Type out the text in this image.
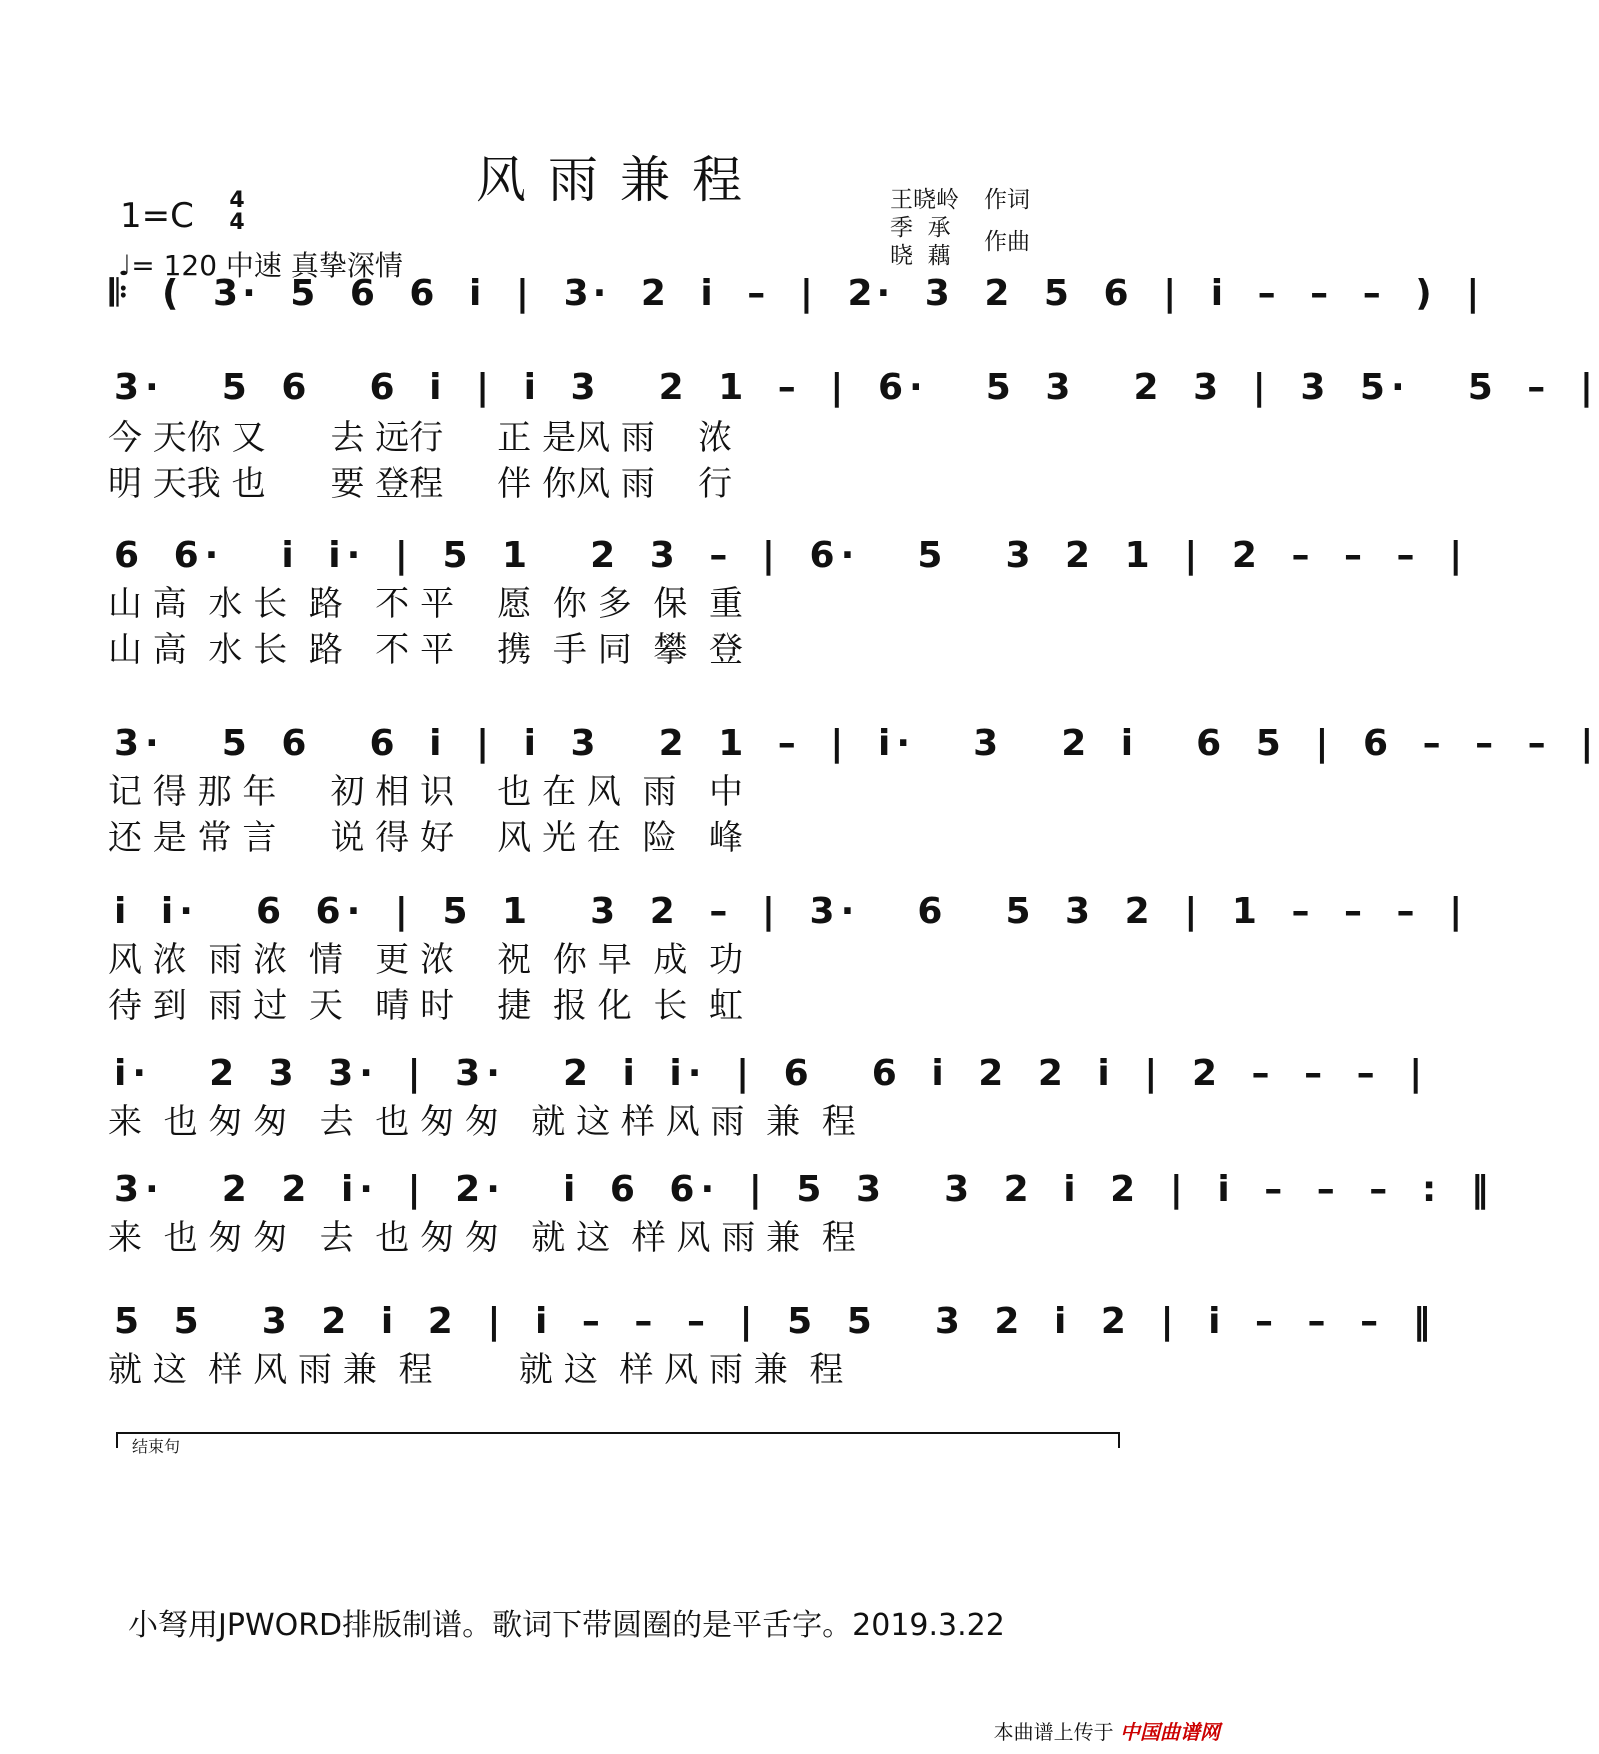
风雨兼程
1=C	4
4
♩= 120 中速 真挚深情
王晓岭 作词
季  承
晓  藕
作曲
𝄆 ( 3· 5 6 6 i | 3· 2 i – | 2· 3 2 5 6 | i – – – ) |
3·  5 6  6 i | i 3  2 1 – | 6·  5 3  2 3 | 3 5·  5 – |
今 天你 又      去 远行     正 是风 雨    浓
明 天我 也      要 登程     伴 你风 雨    行
6 6·  i i· | 5 1  2 3 – | 6·  5  3 2 1 | 2 – – – |
山 高  水 长  路   不 平    愿  你 多  保  重
山 高  水 长  路   不 平    携  手 同  攀  登
3·  5 6  6 i | i 3  2 1 – | i·  3  2 i  6 5 | 6 – – – |
记 得 那 年     初 相 识    也 在 风  雨   中
还 是 常 言     说 得 好    风 光 在  险   峰
i i·  6 6· | 5 1  3 2 – | 3·  6  5 3 2 | 1 – – – |
风 浓  雨 浓  情   更 浓    祝  你 早  成  功
待 到  雨 过  天   晴 时    捷  报 化  长  虹
i·  2 3 3· | 3·  2 i i· | 6  6 i 2 2 i | 2 – – – |
来  也 匆 匆   去  也 匆 匆   就 这 样 风 雨  兼  程
3·  2 2 i· | 2·  i 6 6· | 5 3  3 2 i 2 | i – – – : ‖
来  也 匆 匆   去  也 匆 匆   就 这  样 风 雨 兼  程
结束句
5 5  3 2 i 2 | i – – – | 5 5  3 2 i 2 | i – – – ‖
就 这  样 风 雨 兼  程        就 这  样 风 雨 兼  程
小弩用JPWORD排版制谱。歌词下带圆圈的是平舌字。2019.3.22
本曲谱上传于 中国曲谱网
